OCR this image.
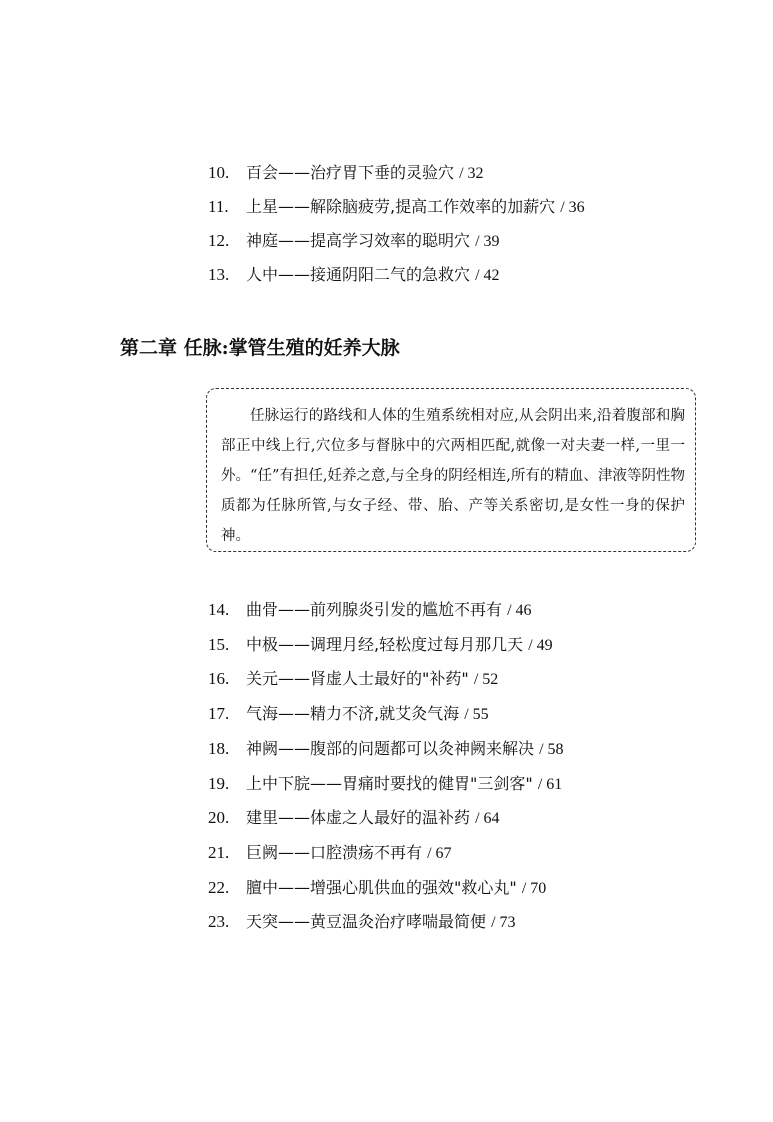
10. 百会——治疗胃下垂的灵验穴 / 32
11. 上星——解除脑疲劳,提高工作效率的加薪穴 / 36
12. 神庭——提高学习效率的聪明穴 / 39
13. 人中——接通阴阳二气的急救穴 / 42
第二章 任脉:掌管生殖的妊养大脉

任脉运行的路线和人体的生殖系统相对应,从会阴出来,沿着腹部和胸部正中线上行,穴位多与督脉中的穴两相匹配,就像一对夫妻一样,一里一外。“任”有担任,妊养之意,与全身的阴经相连,所有的精血、津液等阴性物质都为任脉所管,与女子经、带、胎、产等关系密切,是女性一身的保护神。

14. 曲骨——前列腺炎引发的尴尬不再有 / 46
15. 中极——调理月经,轻松度过每月那几天 / 49
16. 关元——肾虚人士最好的"补药" / 52
17. 气海——精力不济,就艾灸气海 / 55
18. 神阙——腹部的问题都可以灸神阙来解决 / 58
19. 上中下脘——胃痛时要找的健胃"三剑客" / 61
20. 建里——体虚之人最好的温补药 / 64
21. 巨阙——口腔溃疡不再有 / 67
22. 膻中——增强心肌供血的强效"救心丸" / 70
23. 天突——黄豆温灸治疗哮喘最简便 / 73
